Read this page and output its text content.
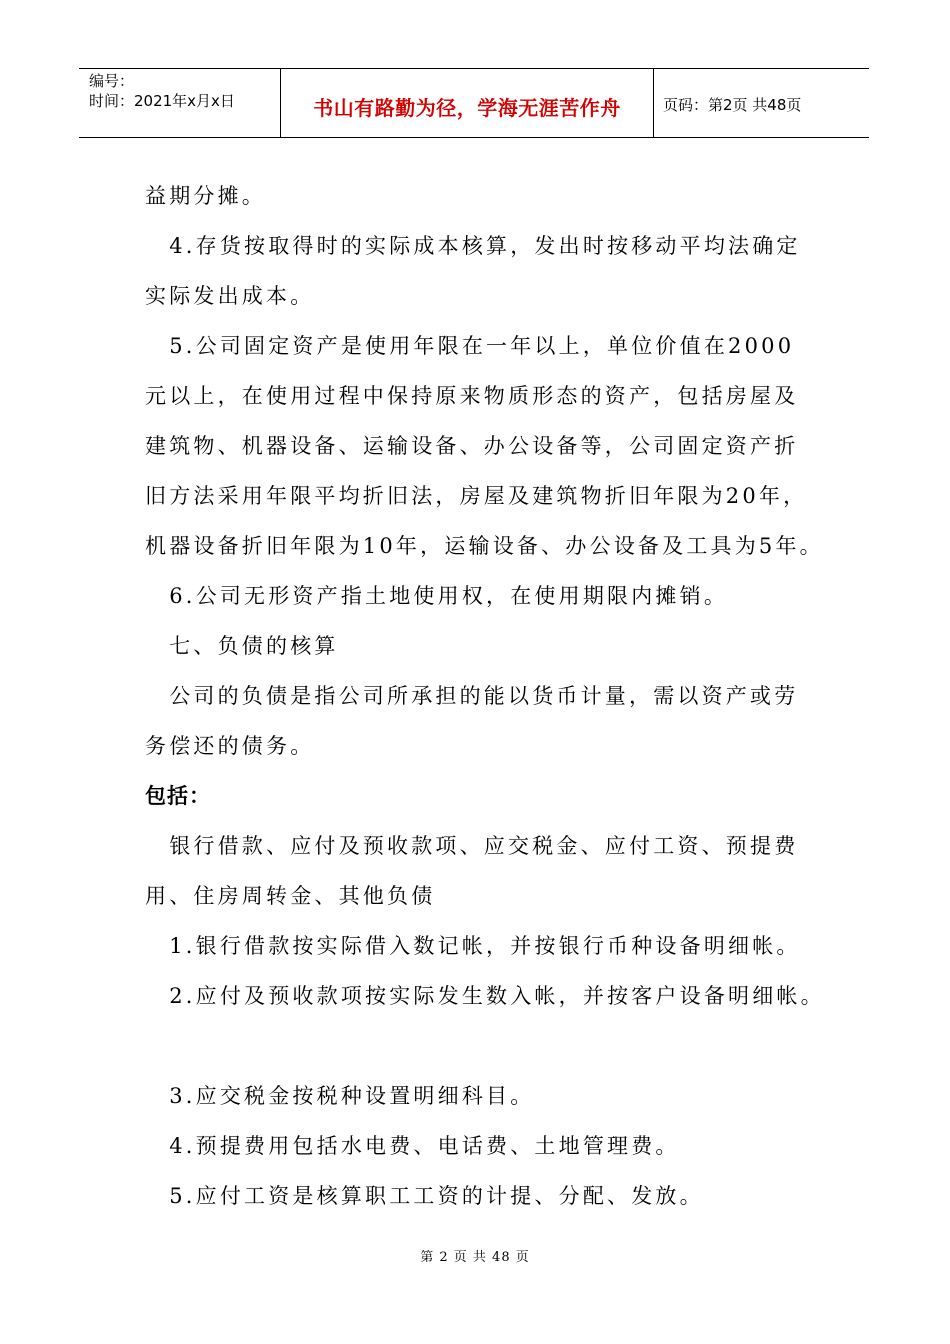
编号：
时间：2021年x月x日	书山有路勤为径，学海无涯苦作舟	页码：第2页 共48页
益期分摊。
　4.存货按取得时的实际成本核算，发出时按移动平均法确定
实际发出成本。
　5.公司固定资产是使用年限在一年以上，单位价值在2000
元以上，在使用过程中保持原来物质形态的资产，包括房屋及
建筑物、机器设备、运输设备、办公设备等，公司固定资产折
旧方法采用年限平均折旧法，房屋及建筑物折旧年限为20年，
机器设备折旧年限为10年，运输设备、办公设备及工具为5年。
　6.公司无形资产指土地使用权，在使用期限内摊销。
　七、负债的核算
　公司的负债是指公司所承担的能以货币计量，需以资产或劳
务偿还的债务。
包括：
　银行借款、应付及预收款项、应交税金、应付工资、预提费
用、住房周转金、其他负债
　1.银行借款按实际借入数记帐，并按银行币种设备明细帐。
　2.应付及预收款项按实际发生数入帐，并按客户设备明细帐。
　3.应交税金按税种设置明细科目。
　4.预提费用包括水电费、电话费、土地管理费。
　5.应付工资是核算职工工资的计提、分配、发放。
第 2 页 共 48 页
